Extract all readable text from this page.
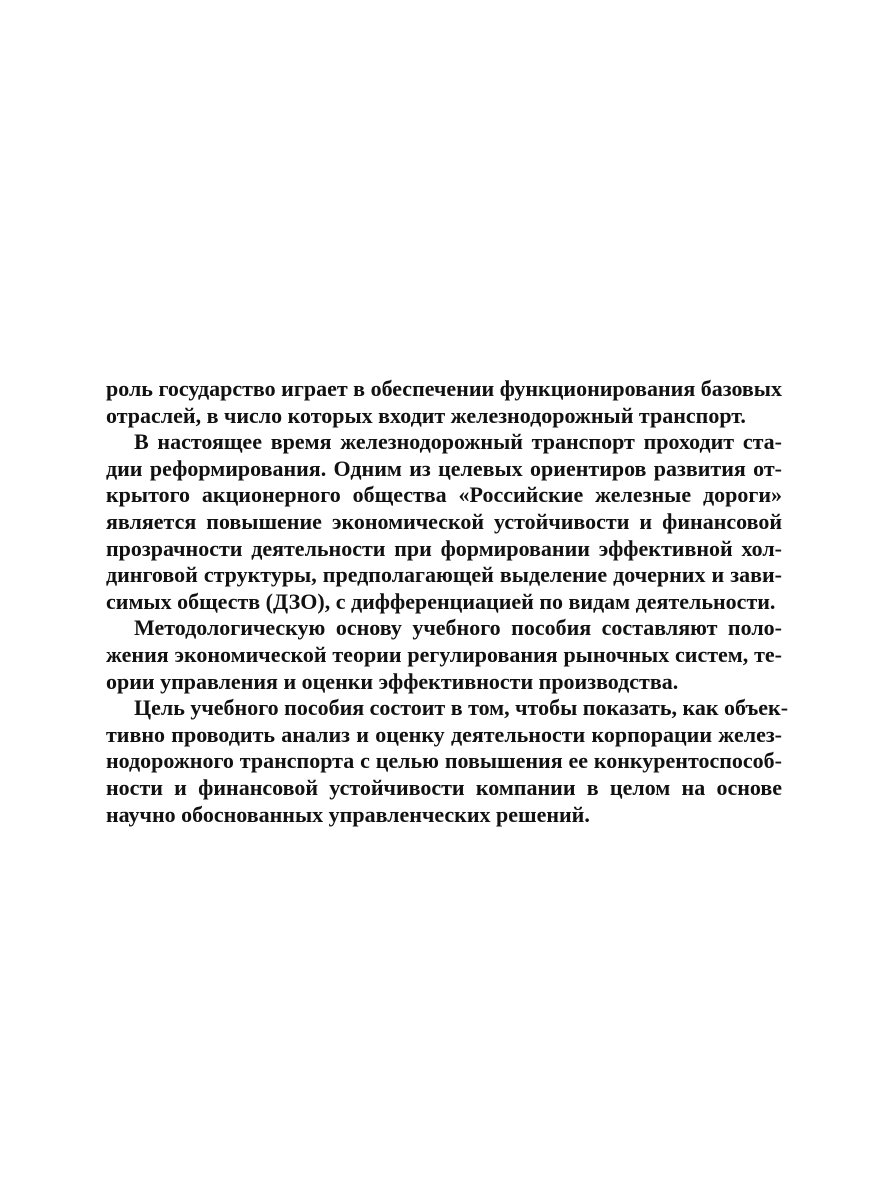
роль государство играет в обеспечении функционирования базовых
отраслей, в число которых входит железнодорожный транспорт.
В настоящее время железнодорожный транспорт проходит ста-
дии реформирования. Одним из целевых ориентиров развития от-
крытого акционерного общества «Российские железные дороги»
является повышение экономической устойчивости и финансовой
прозрачности деятельности при формировании эффективной хол-
динговой структуры, предполагающей выделение дочерних и зави-
симых обществ (ДЗО), с дифференциацией по видам деятельности.
Методологическую основу учебного пособия составляют поло-
жения экономической теории регулирования рыночных систем, те-
ории управления и оценки эффективности производства.
Цель учебного пособия состоит в том, чтобы показать, как объек-
тивно проводить анализ и оценку деятельности корпорации желез-
нодорожного транспорта с целью повышения ее конкурентоспособ-
ности и финансовой устойчивости компании в целом на основе
научно обоснованных управленческих решений.
